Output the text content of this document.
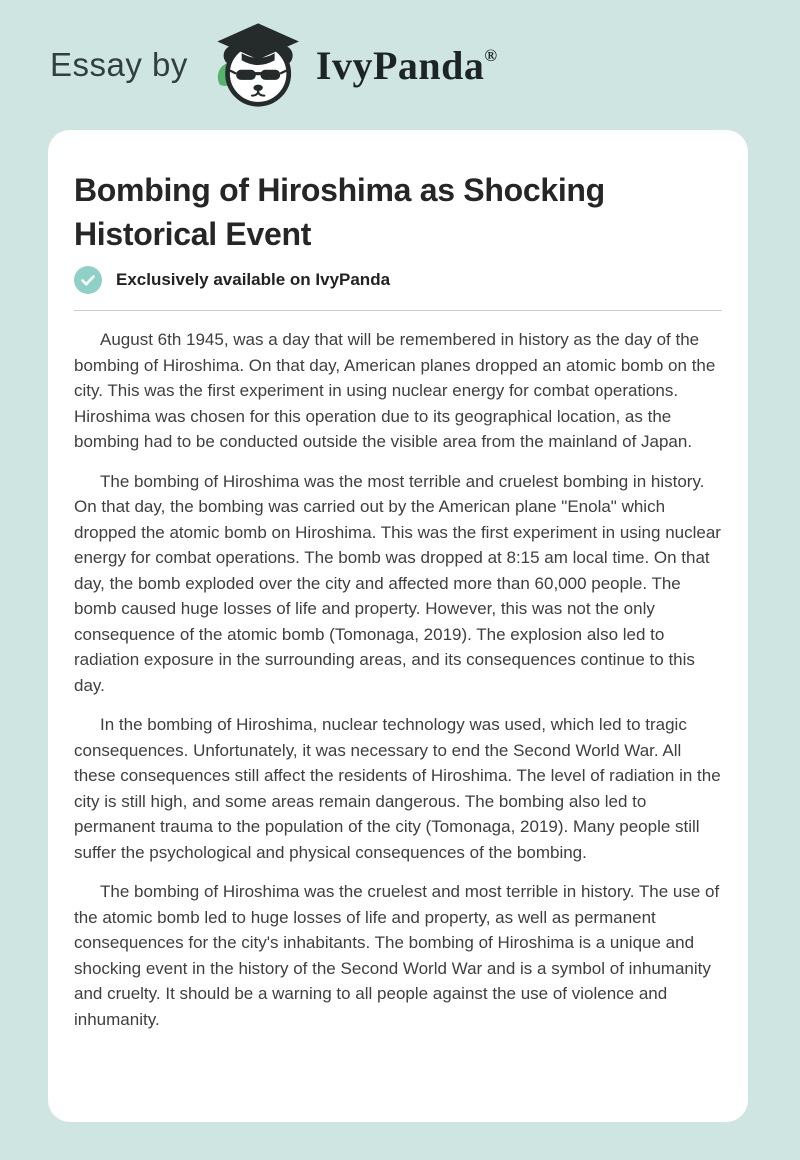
Essay by	IvyPanda®
Bombing of Hiroshima as Shocking Historical Event
Exclusively available on IvyPanda

August 6th 1945, was a day that will be remembered in history as the day of the bombing of Hiroshima. On that day, American planes dropped an atomic bomb on the city. This was the first experiment in using nuclear energy for combat operations. Hiroshima was chosen for this operation due to its geographical location, as the bombing had to be conducted outside the visible area from the mainland of Japan.

The bombing of Hiroshima was the most terrible and cruelest bombing in history. On that day, the bombing was carried out by the American plane "Enola" which dropped the atomic bomb on Hiroshima. This was the first experiment in using nuclear energy for combat operations. The bomb was dropped at 8:15 am local time. On that day, the bomb exploded over the city and affected more than 60,000 people. The bomb caused huge losses of life and property. However, this was not the only consequence of the atomic bomb (Tomonaga, 2019). The explosion also led to radiation exposure in the surrounding areas, and its consequences continue to this day.

In the bombing of Hiroshima, nuclear technology was used, which led to tragic consequences. Unfortunately, it was necessary to end the Second World War. All these consequences still affect the residents of Hiroshima. The level of radiation in the city is still high, and some areas remain dangerous. The bombing also led to permanent trauma to the population of the city (Tomonaga, 2019). Many people still suffer the psychological and physical consequences of the bombing.

The bombing of Hiroshima was the cruelest and most terrible in history. The use of the atomic bomb led to huge losses of life and property, as well as permanent consequences for the city's inhabitants. The bombing of Hiroshima is a unique and shocking event in the history of the Second World War and is a symbol of inhumanity and cruelty. It should be a warning to all people against the use of violence and inhumanity.
